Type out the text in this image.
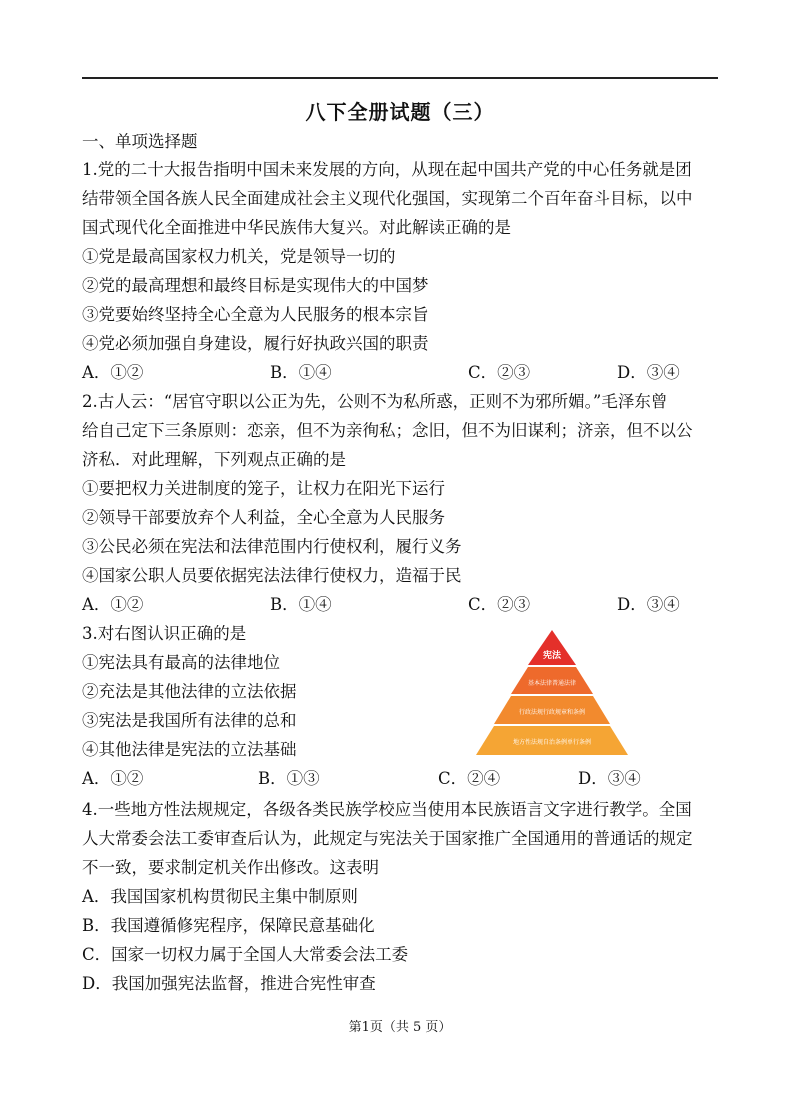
八下全册试题（三）
一、单项选择题
1.党的二十大报告指明中国未来发展的方向，从现在起中国共产党的中心任务就是团
结带领全国各族人民全面建成社会主义现代化强国，实现第二个百年奋斗目标，以中
国式现代化全面推进中华民族伟大复兴。对此解读正确的是
①党是最高国家权力机关，党是领导一切的
②党的最高理想和最终目标是实现伟大的中国梦
③党要始终坚持全心全意为人民服务的根本宗旨
④党必须加强自身建设，履行好执政兴国的职责
A．①②	B．①④	C．②③	D．③④
2.古人云：“居官守职以公正为先，公则不为私所惑，正则不为邪所媚。”毛泽东曾
给自己定下三条原则：恋亲，但不为亲徇私；念旧，但不为旧谋利；济亲，但不以公
济私．对此理解，下列观点正确的是
①要把权力关进制度的笼子，让权力在阳光下运行
②领导干部要放弃个人利益，全心全意为人民服务
③公民必须在宪法和法律范围内行使权利，履行义务
④国家公职人员要依据宪法法律行使权力，造福于民
A．①②	B．①④	C．②③	D．③④
3.对右图认识正确的是
①宪法具有最高的法律地位
②充法是其他法律的立法依据
③宪法是我国所有法律的总和
④其他法律是宪法的立法基础
A．①②	B．①③	C．②④	D．③④
宪法
基本法律普通法律
行政法规行政规章和条例
地方性法规自治条例单行条例
4.一些地方性法规规定，各级各类民族学校应当使用本民族语言文字进行教学。全国
人大常委会法工委审查后认为，此规定与宪法关于国家推广全国通用的普通话的规定
不一致，要求制定机关作出修改。这表明
A．我国国家机构贯彻民主集中制原则
B．我国遵循修宪程序，保障民意基础化
C．国家一切权力属于全国人大常委会法工委
D．我国加强宪法监督，推进合宪性审查
第1页（共 5 页）
